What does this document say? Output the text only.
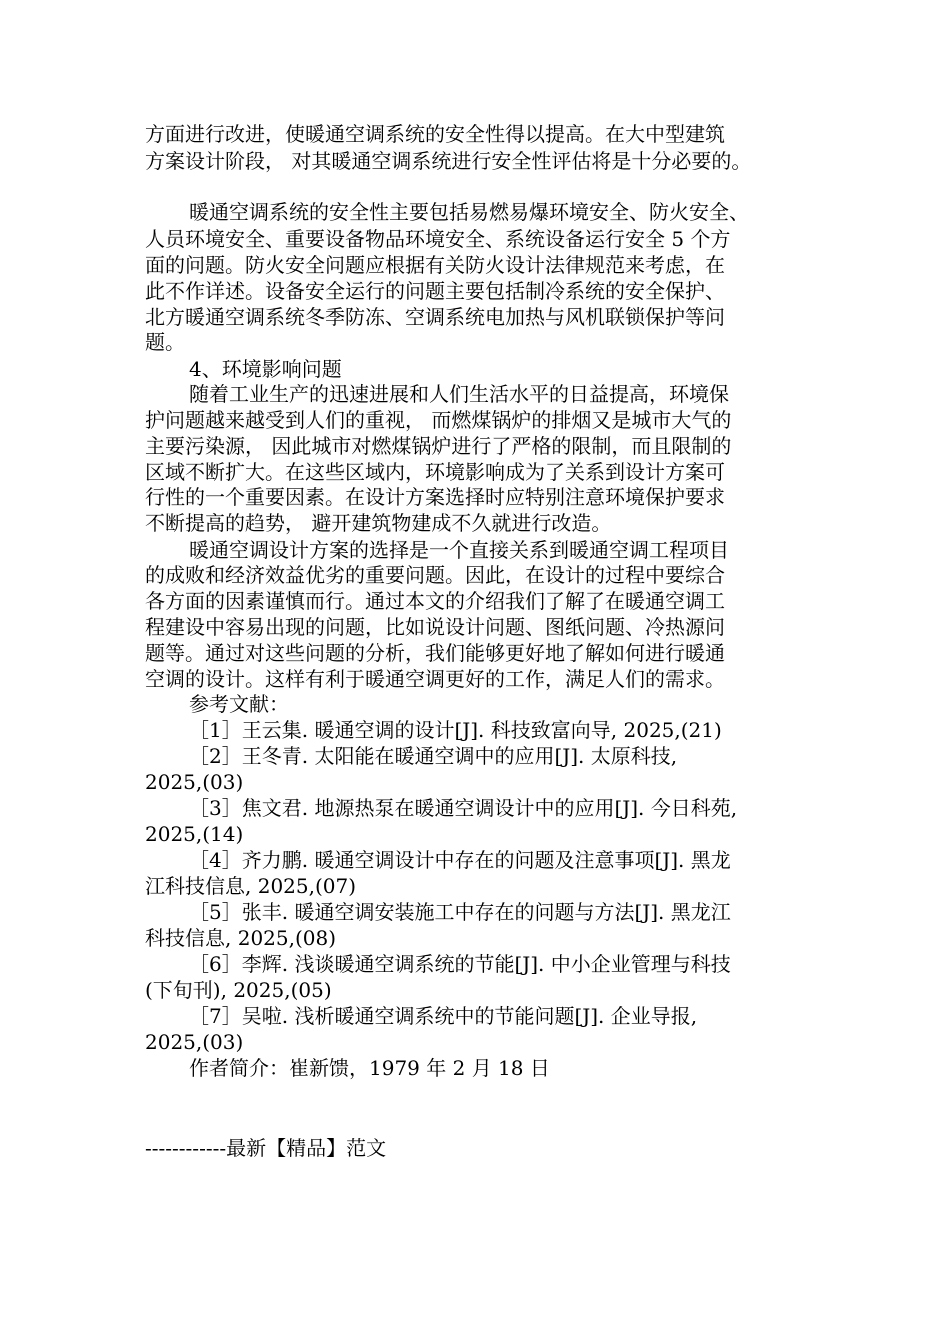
方面进行改进，使暖通空调系统的安全性得以提高。在大中型建筑

方案设计阶段， 对其暖通空调系统进行安全性评估将是十分必要的。

暖通空调系统的安全性主要包括易燃易爆环境安全、防火安全、

人员环境安全、重要设备物品环境安全、系统设备运行安全 5 个方

面的问题。防火安全问题应根据有关防火设计法律规范来考虑，在

此不作详述。设备安全运行的问题主要包括制冷系统的安全保护、

北方暖通空调系统冬季防冻、空调系统电加热与风机联锁保护等问

题。

4、环境影响问题

随着工业生产的迅速进展和人们生活水平的日益提高，环境保

护问题越来越受到人们的重视， 而燃煤锅炉的排烟又是城市大气的

主要污染源， 因此城市对燃煤锅炉进行了严格的限制，而且限制的

区域不断扩大。在这些区域内，环境影响成为了关系到设计方案可

行性的一个重要因素。在设计方案选择时应特别注意环境保护要求

不断提高的趋势， 避开建筑物建成不久就进行改造。

暖通空调设计方案的选择是一个直接关系到暖通空调工程项目

的成败和经济效益优劣的重要问题。因此，在设计的过程中要综合

各方面的因素谨慎而行。通过本文的介绍我们了解了在暖通空调工

程建设中容易出现的问题，比如说设计问题、图纸问题、冷热源问

题等。通过对这些问题的分析，我们能够更好地了解如何进行暖通

空调的设计。这样有利于暖通空调更好的工作，满足人们的需求。

参考文献：

［1］王云集. 暖通空调的设计[J]. 科技致富向导, 2025,(21)

［2］王冬青. 太阳能在暖通空调中的应用[J]. 太原科技,

2025,(03)

［3］焦文君. 地源热泵在暖通空调设计中的应用[J]. 今日科苑,

2025,(14)

［4］齐力鹏. 暖通空调设计中存在的问题及注意事项[J]. 黑龙

江科技信息, 2025,(07)

［5］张丰. 暖通空调安装施工中存在的问题与方法[J]. 黑龙江

科技信息, 2025,(08)

［6］李辉. 浅谈暖通空调系统的节能[J]. 中小企业管理与科技

(下旬刊), 2025,(05)

［7］吴啦. 浅析暖通空调系统中的节能问题[J]. 企业导报,

2025,(03)

作者简介：崔新馈，1979 年 2 月 18 日

------------最新【精品】范文
